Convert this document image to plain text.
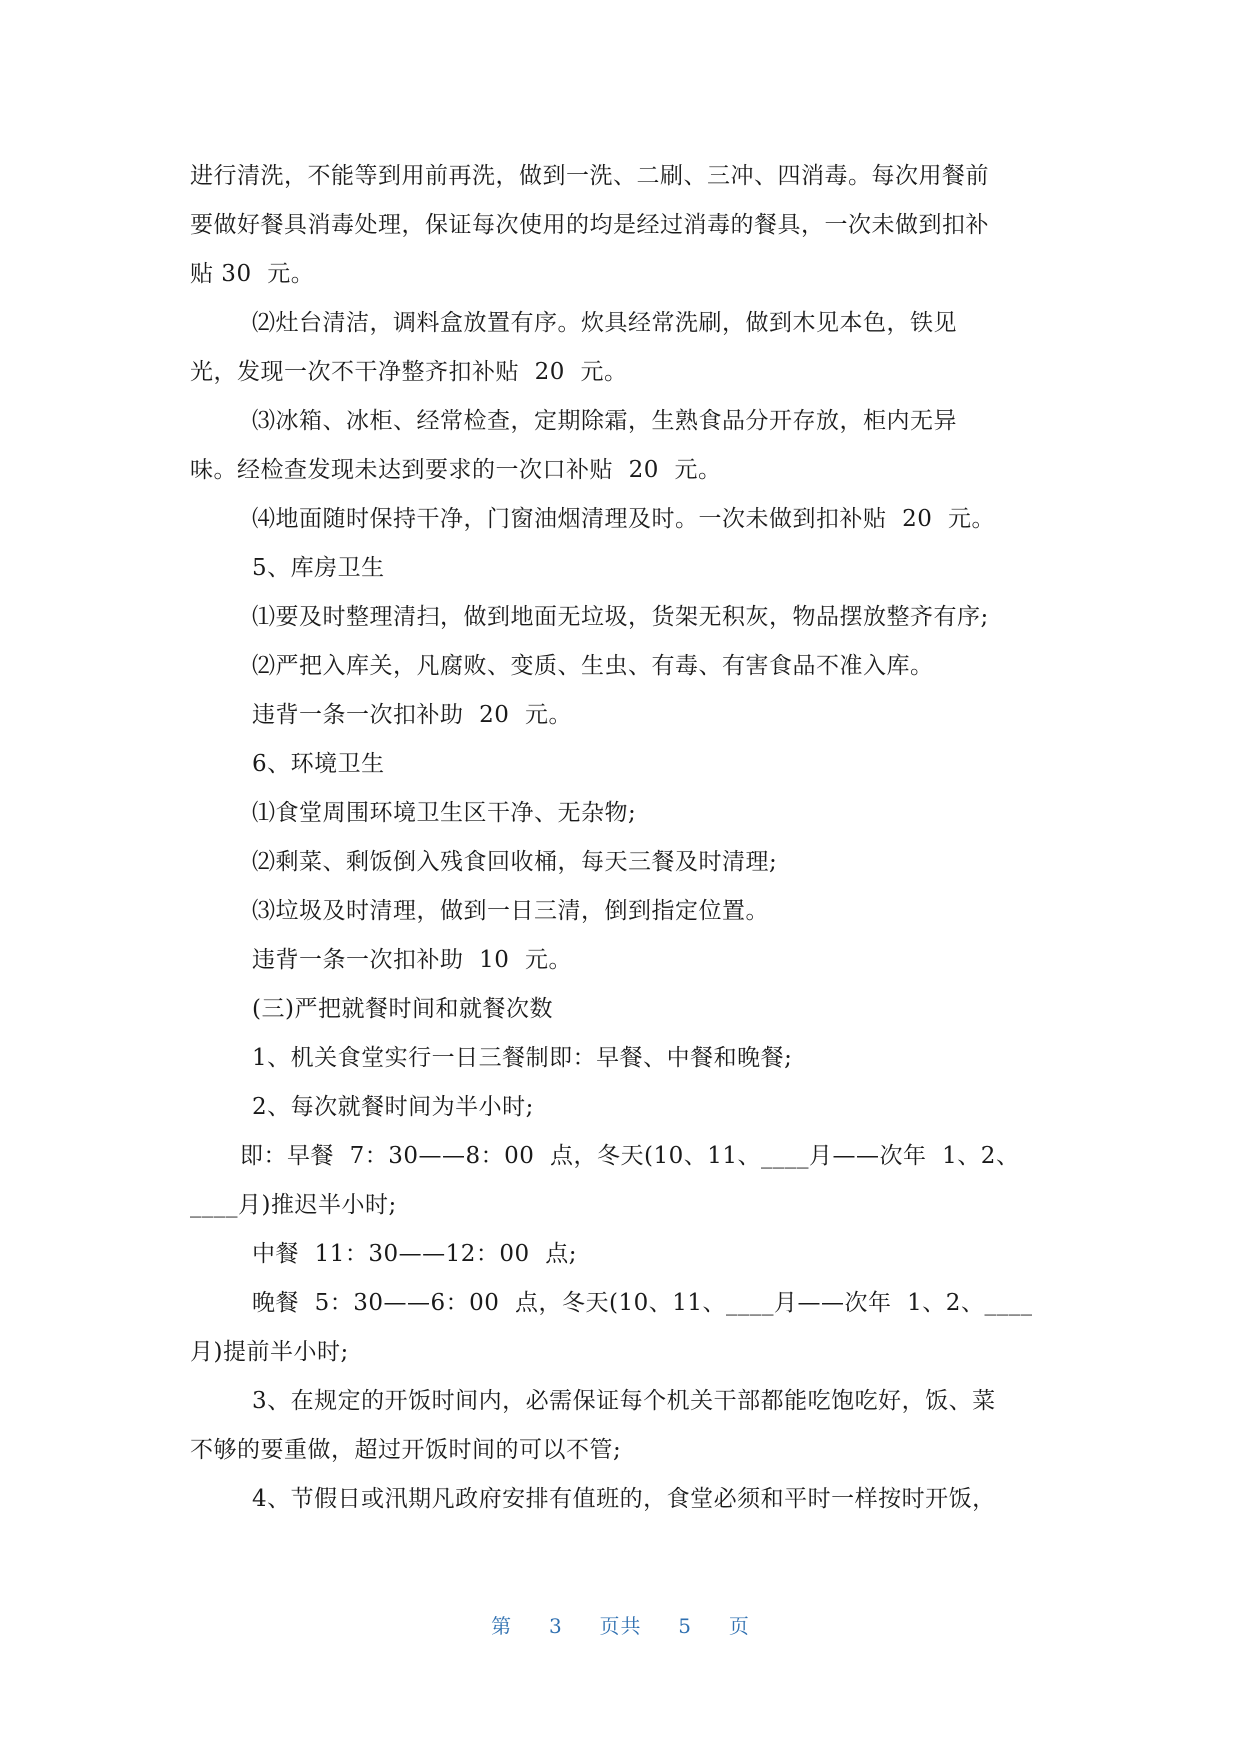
进行清洗，不能等到用前再洗，做到一洗、二刷、三冲、四消毒。每次用餐前
要做好餐具消毒处理，保证每次使用的均是经过消毒的餐具，一次未做到扣补
贴 30  元。
⑵灶台清洁，调料盒放置有序。炊具经常洗刷，做到木见本色，铁见
光，发现一次不干净整齐扣补贴  20  元。
⑶冰箱、冰柜、经常检查，定期除霜，生熟食品分开存放，柜内无异
味。经检查发现未达到要求的一次口补贴  20  元。
⑷地面随时保持干净，门窗油烟清理及时。一次未做到扣补贴  20  元。
5、库房卫生
⑴要及时整理清扫，做到地面无垃圾，货架无积灰，物品摆放整齐有序;
⑵严把入库关，凡腐败、变质、生虫、有毒、有害食品不准入库。
违背一条一次扣补助  20  元。
6、环境卫生
⑴食堂周围环境卫生区干净、无杂物;
⑵剩菜、剩饭倒入残食回收桶，每天三餐及时清理;
⑶垃圾及时清理，做到一日三清，倒到指定位置。
违背一条一次扣补助  10  元。
(三)严把就餐时间和就餐次数
1、机关食堂实行一日三餐制即：早餐、中餐和晚餐;
2、每次就餐时间为半小时;
即：早餐  7：30——8：00  点，冬天(10、11、____月——次年  1、2、
____月)推迟半小时;
中餐  11：30——12：00  点;
晚餐  5：30——6：00  点，冬天(10、11、____月——次年  1、2、____
月)提前半小时;
3、在规定的开饭时间内，必需保证每个机关干部都能吃饱吃好，饭、菜
不够的要重做，超过开饭时间的可以不管;
4、节假日或汛期凡政府安排有值班的，食堂必须和平时一样按时开饭，
第 3 页共 5 页
